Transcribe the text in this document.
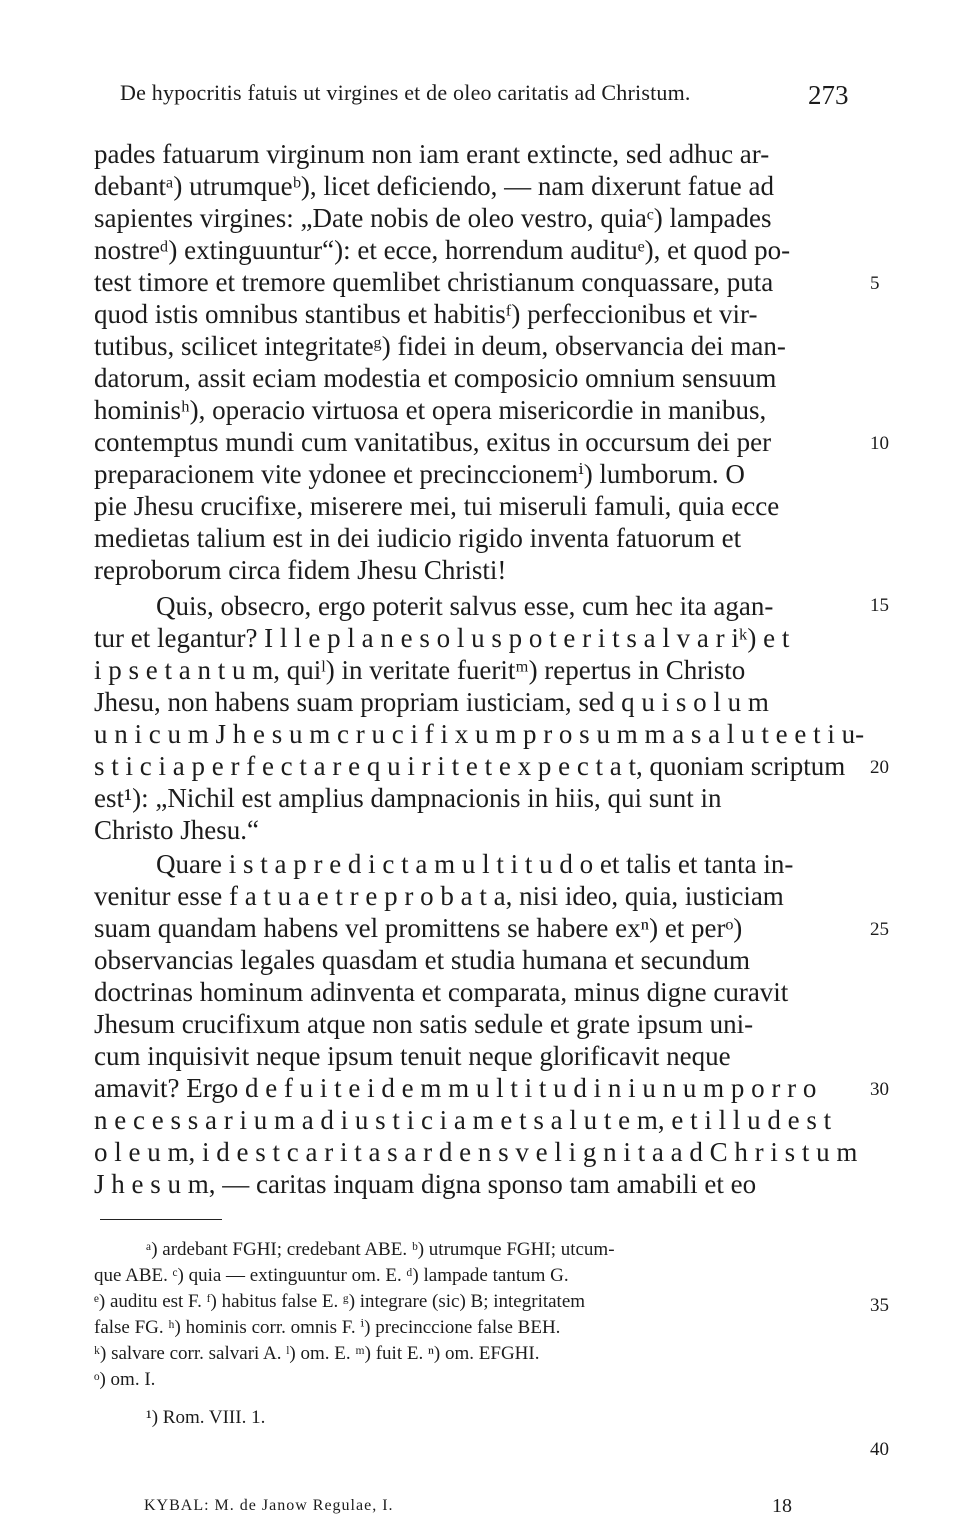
De hypocritis fatuis ut virgines et de oleo caritatis ad Christum.	273
pades fatuarum virginum non iam erant extincte, sed adhuc ar-
debantᵃ) utrumqueᵇ), licet deficiendo, — nam dixerunt fatue ad
sapientes virgines: „Date nobis de oleo vestro, quiaᶜ) lampades
nostreᵈ) extinguuntur“): et ecce, horrendum audituᵉ), et quod po-
test timore et tremore quemlibet christianum conquassare, puta
quod istis omnibus stantibus et habitisᶠ) perfeccionibus et vir-
tutibus, scilicet integritateᵍ) fidei in deum, observancia dei man-
datorum, assit eciam modestia et composicio omnium sensuum
hominisʰ), operacio virtuosa et opera misericordie in manibus,
contemptus mundi cum vanitatibus, exitus in occursum dei per
preparacionem vite ydonee et precinccionemⁱ) lumborum. O
pie Jhesu crucifixe, miserere mei, tui miseruli famuli, quia ecce
medietas talium est in dei iudicio rigido inventa fatuorum et
reproborum circa fidem Jhesu Christi!
Quis, obsecro, ergo poterit salvus esse, cum hec ita agan-
tur et legantur? I l l e p l a n e s o l u s p o t e r i t s a l v a r iᵏ) e t
i p s e t a n t u m, quiˡ) in veritate fueritᵐ) repertus in Christo
Jhesu, non habens suam propriam iusticiam, sed q u i s o l u m
u n i c u m J h e s u m c r u c i f i x u m p r o s u m m a s a l u t e e t i u-
s t i c i a p e r f e c t a r e q u i r i t e t e x p e c t a t, quoniam scriptum
est¹): „Nichil est amplius dampnacionis in hiis, qui sunt in
Christo Jhesu.“
Quare i s t a p r e d i c t a m u l t i t u d o et talis et tanta in-
venitur esse f a t u a e t r e p r o b a t a, nisi ideo, quia, iusticiam
suam quandam habens vel promittens se habere exⁿ) et perᵒ)
observancias legales quasdam et studia humana et secundum
doctrinas hominum adinventa et comparata, minus digne curavit
Jhesum crucifixum atque non satis sedule et grate ipsum uni-
cum inquisivit neque ipsum tenuit neque glorificavit neque
amavit? Ergo d e f u i t e i d e m m u l t i t u d i n i u n u m p o r r o
n e c e s s a r i u m a d i u s t i c i a m e t s a l u t e m, e t i l l u d e s t
o l e u m, i d e s t c a r i t a s a r d e n s v e l i g n i t a a d C h r i s t u m
J h e s u m, — caritas inquam digna sponso tam amabili et eo
5
10
15
20
25
30
35
40
ᵃ) ardebant FGHI; credebant ABE. ᵇ) utrumque FGHI; utcum-
que ABE. ᶜ) quia — extinguuntur om. E. ᵈ) lampade tantum G.
ᵉ) auditu est F. ᶠ) habitus false E. ᵍ) integrare (sic) B; integritatem
false FG. ʰ) hominis corr. omnis F. ⁱ) precinccione false BEH.
ᵏ) salvare corr. salvari A. ˡ) om. E. ᵐ) fuit E. ⁿ) om. EFGHI.
ᵒ) om. I.
¹) Rom. VIII. 1.
KYBAL: M. de Janow Regulae, I.	18
